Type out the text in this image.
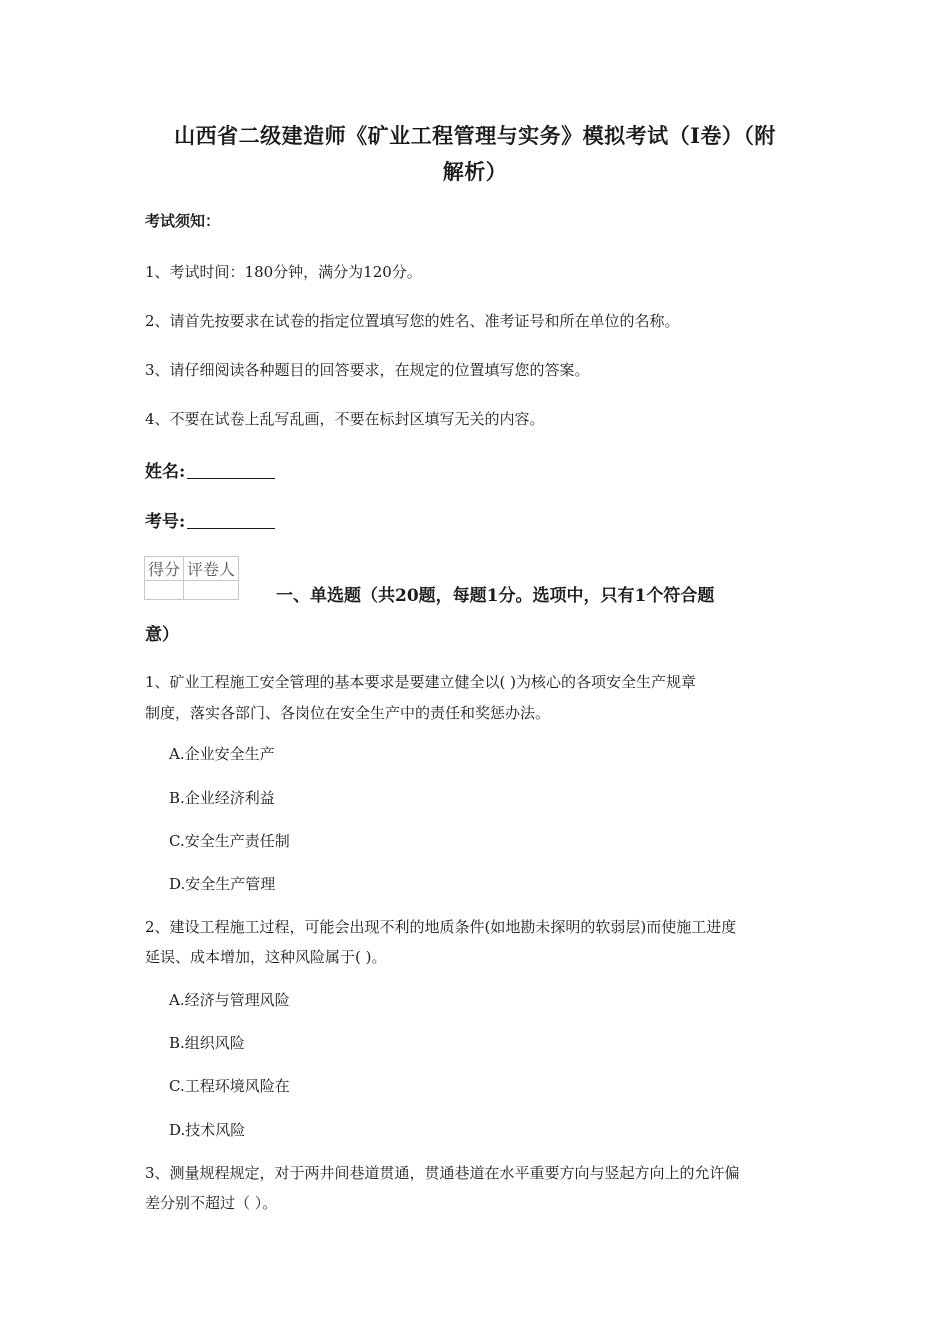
山西省二级建造师《矿业工程管理与实务》模拟考试（I卷）（附
解析）
考试须知：
1、考试时间：180分钟，满分为120分。
2、请首先按要求在试卷的指定位置填写您的姓名、准考证号和所在单位的名称。
3、请仔细阅读各种题目的回答要求，在规定的位置填写您的答案。
4、不要在试卷上乱写乱画，不要在标封区填写无关的内容。
姓名:
考号:
得分	评卷人

一、单选题（共20题，每题1分。选项中，只有1个符合题
意）
1、矿业工程施工安全管理的基本要求是要建立健全以( )为核心的各项安全生产规章
制度，落实各部门、各岗位在安全生产中的责任和奖惩办法。
A.企业安全生产
B.企业经济利益
C.安全生产责任制
D.安全生产管理
2、建设工程施工过程，可能会出现不利的地质条件(如地勘未探明的软弱层)而使施工进度
延误、成本增加，这种风险属于( )。
A.经济与管理风险
B.组织风险
C.工程环境风险在
D.技术风险
3、测量规程规定，对于两井间巷道贯通，贯通巷道在水平重要方向与竖起方向上的允许偏
差分别不超过（ ）。
